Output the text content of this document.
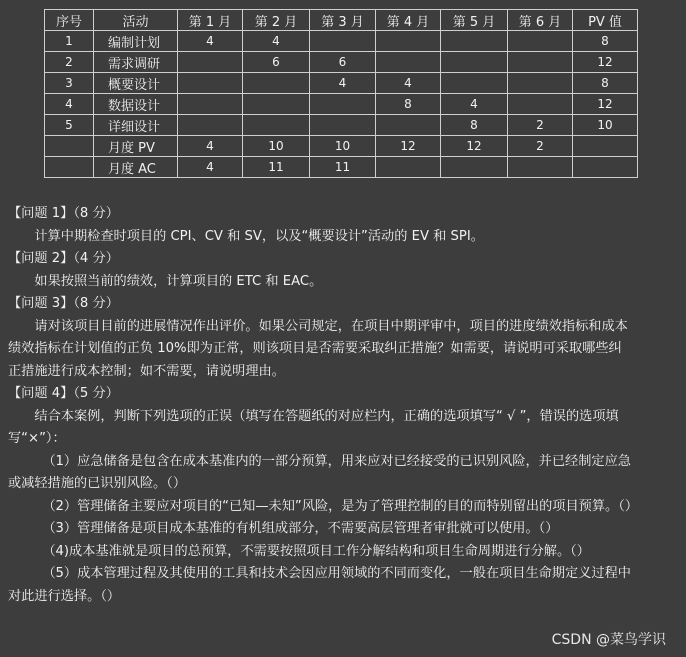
序号	活动	第 1 月	第 2 月	第 3 月	第 4 月	第 5 月	第 6 月	PV 值
1	编制计划	4	4					8
2	需求调研		6	6				12
3	概要设计			4	4			8
4	数据设计				8	4		12
5	详细设计					8	2	10
	月度 PV	4	10	10	12	12	2	
	月度 AC	4	11	11				

【问题 1】（8 分）

计算中期检查时项目的 CPI、CV 和 SV，以及“概要设计”活动的 EV 和 SPI。

【问题 2】（4 分）

如果按照当前的绩效，计算项目的 ETC 和 EAC。

【问题 3】（8 分）

请对该项目目前的进展情况作出评价。如果公司规定，在项目中期评审中，项目的进度绩效指标和成本绩效指标在计划值的正负 10%即为正常，则该项目是否需要采取纠正措施？如需要，请说明可采取哪些纠正措施进行成本控制；如不需要，请说明理由。

【问题 4】（5 分）

结合本案例，判断下列选项的正误（填写在答题纸的对应栏内，正确的选项填写“ √ ”，错误的选项填写“×”）：

（1）应急储备是包含在成本基准内的一部分预算，用来应对已经接受的已识别风险，并已经制定应急或减轻措施的已识别风险。（）

（2）管理储备主要应对项目的“已知—未知”风险，是为了管理控制的目的而特别留出的项目预算。（）

（3）管理储备是项目成本基准的有机组成部分，不需要高层管理者审批就可以使用。（）

（4)成本基准就是项目的总预算，不需要按照项目工作分解结构和项目生命周期进行分解。（）

（5）成本管理过程及其使用的工具和技术会因应用领域的不同而变化，一般在项目生命期定义过程中对此进行选择。（）

CSDN @菜鸟学识
